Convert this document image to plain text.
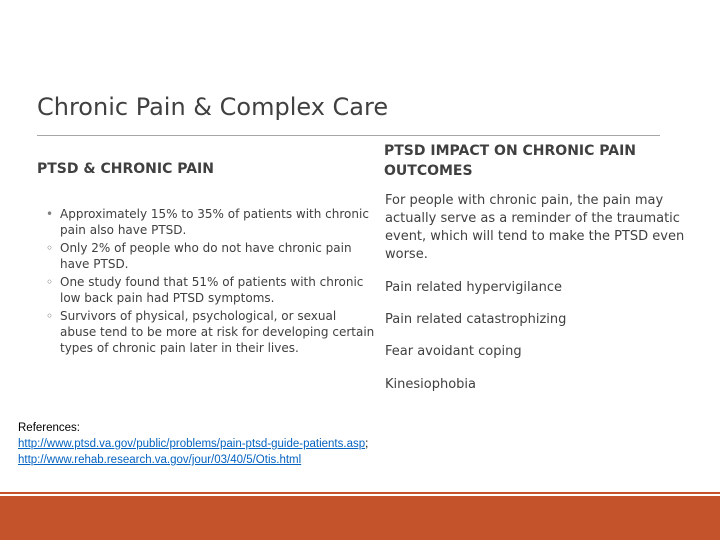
Chronic Pain & Complex Care
PTSD & CHRONIC PAIN
• Approximately 15% to 35% of patients with chronic pain also have PTSD.
◦ Only 2% of people who do not have chronic pain have PTSD.
◦ One study found that 51% of patients with chronic low back pain had PTSD symptoms.
◦ Survivors of physical, psychological, or sexual abuse tend to be more at risk for developing certain types of chronic pain later in their lives.
PTSD IMPACT ON CHRONIC PAIN OUTCOMES

For people with chronic pain, the pain may actually serve as a reminder of the traumatic event, which will tend to make the PTSD even worse.

Pain related hypervigilance

Pain related catastrophizing

Fear avoidant coping

Kinesiophobia

References:
http://www.ptsd.va.gov/public/problems/pain-ptsd-guide-patients.asp;
http://www.rehab.research.va.gov/jour/03/40/5/Otis.html
